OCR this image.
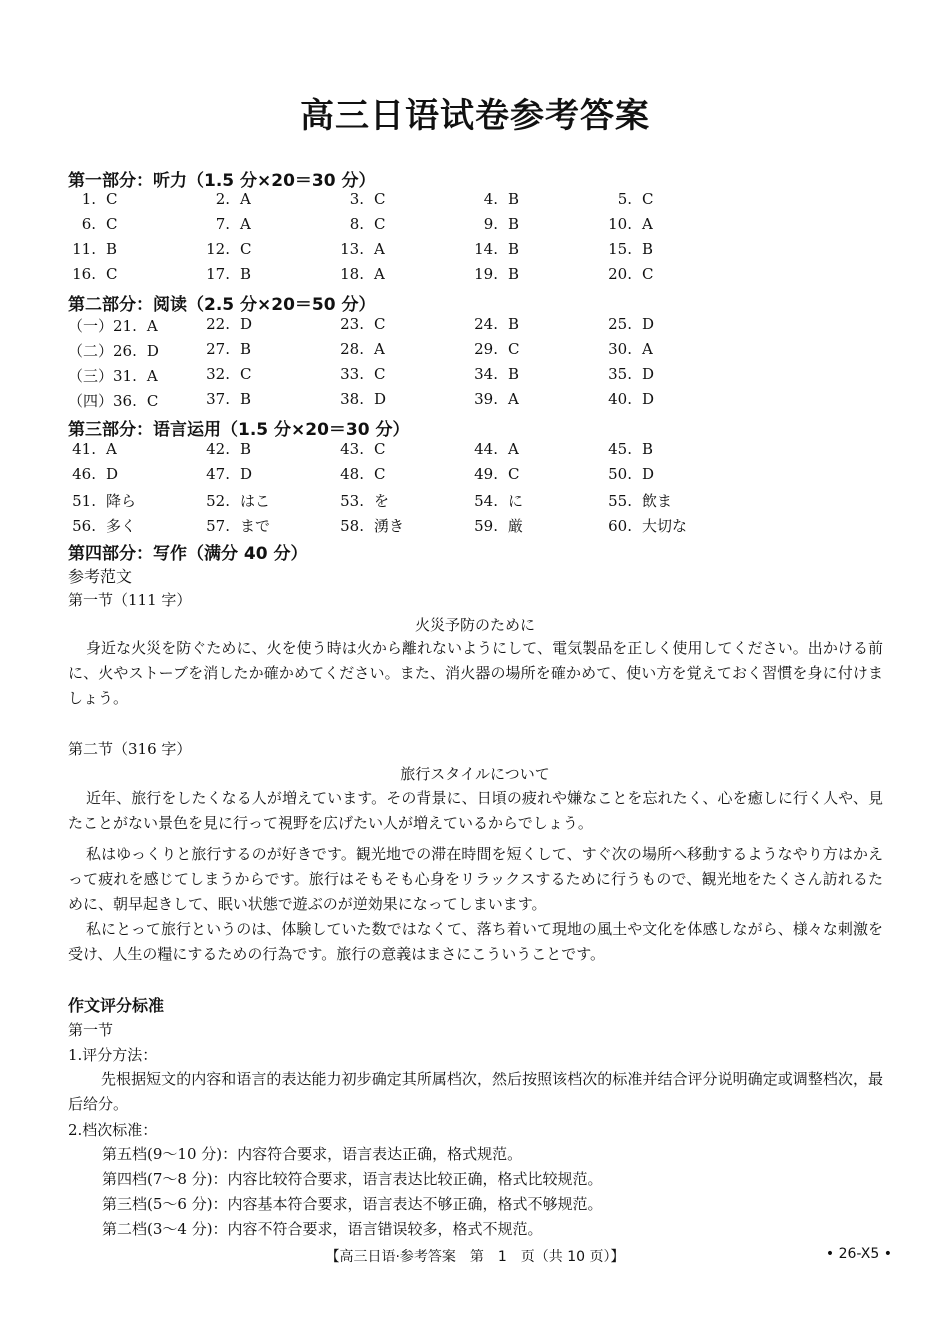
高三日语试卷参考答案
第一部分：听力（1.5 分×20＝30 分）
1. C	2. A	3. C	4. B	5. C
6. C	7. A	8. C	9. B	10. A
11. B	12. C	13. A	14. B	15. B
16. C	17. B	18. A	19. B	20. C
第二部分：阅读（2.5 分×20＝50 分）
（一）21. A	22. D	23. C	24. B	25. D
（二）26. D	27. B	28. A	29. C	30. A
（三）31. A	32. C	33. C	34. B	35. D
（四）36. C	37. B	38. D	39. A	40. D
第三部分：语言运用（1.5 分×20＝30 分）
41. A	42. B	43. C	44. A	45. B
46. D	47. D	48. C	49. C	50. D
51. 降ら	52. はこ	53. を	54. に	55. 飲ま
56. 多く	57. まで	58. 湧き	59. 厳	60. 大切な
第四部分：写作（满分 40 分）
参考范文
第一节（111 字）
火災予防のために
身近な火災を防ぐために、火を使う時は火から離れないようにして、電気製品を正しく使用してください。出かける前に、火やストーブを消したか確かめてください。また、消火器の場所を確かめて、使い方を覚えておく習慣を身に付けましょう。
第二节（316 字）
旅行スタイルについて
近年、旅行をしたくなる人が増えています。その背景に、日頃の疲れや嫌なことを忘れたく、心を癒しに行く人や、見たことがない景色を見に行って視野を広げたい人が増えているからでしょう。
私はゆっくりと旅行するのが好きです。観光地での滞在時間を短くして、すぐ次の場所へ移動するようなやり方はかえって疲れを感じてしまうからです。旅行はそもそも心身をリラックスするために行うもので、観光地をたくさん訪れるために、朝早起きして、眠い状態で遊ぶのが逆効果になってしまいます。
私にとって旅行というのは、体験していた数ではなくて、落ち着いて現地の風土や文化を体感しながら、様々な刺激を受け、人生の糧にするための行為です。旅行の意義はまさにこういうことです。
作文评分标准
第一节
1.评分方法：
先根据短文的内容和语言的表达能力初步确定其所属档次，然后按照该档次的标准并结合评分说明确定或调整档次，最后给分。
2.档次标准：
第五档(9～10 分)：内容符合要求，语言表达正确，格式规范。
第四档(7～8 分)：内容比较符合要求，语言表达比较正确，格式比较规范。
第三档(5～6 分)：内容基本符合要求，语言表达不够正确，格式不够规范。
第二档(3～4 分)：内容不符合要求，语言错误较多，格式不规范。
【高三日语·参考答案　第　1　页（共 10 页）】	• 26-X5 •
